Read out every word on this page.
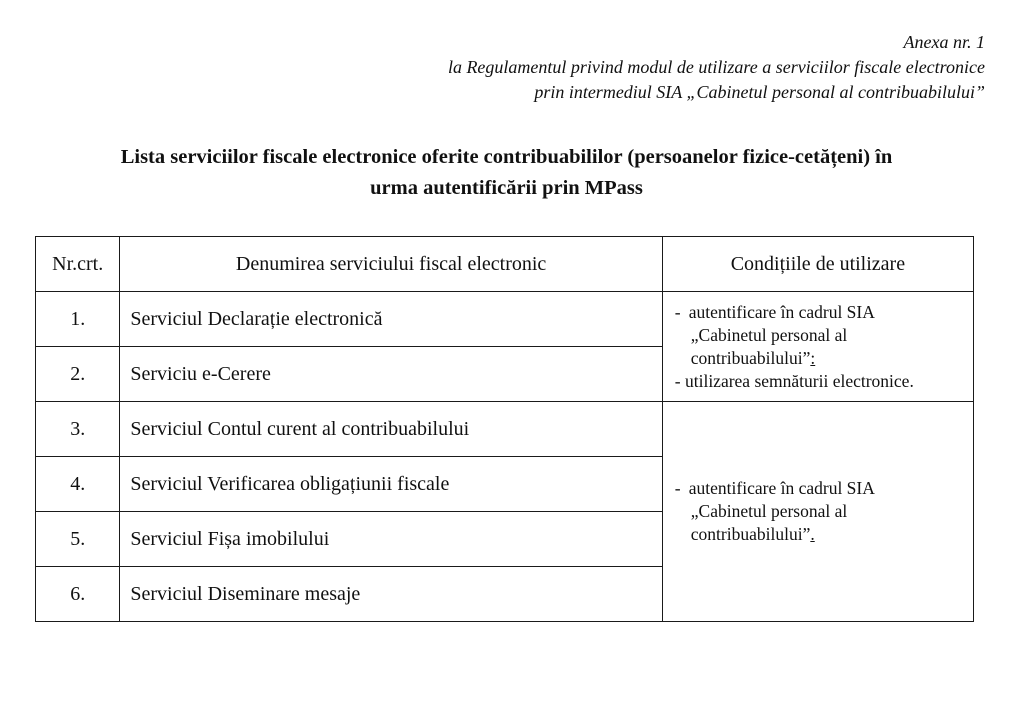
Anexa nr. 1
la Regulamentul privind modul de utilizare a serviciilor fiscale electronice
prin intermediul SIA „Cabinetul personal al contribuabilului”
Lista serviciilor fiscale electronice oferite contribuabililor (persoanelor fizice-cetățeni) în
urma autentificării prin MPass
Nr.crt.	Denumirea serviciului fiscal electronic	Condițiile de utilizare
1.	Serviciul Declarație electronică	- autentificare în cadrul SIA
„Cabinetul personal al
contribuabilului”:
- utilizarea semnăturii electronice.

2.	Serviciu e-Cerere	
3.	Serviciul Contul curent al contribuabilului	- autentificare în cadrul SIA
„Cabinetul personal al
contribuabilului”.

4.	Serviciul Verificarea obligațiunii fiscale	
5.	Serviciul Fișa imobilului	
6.	Serviciul Diseminare mesaje	
